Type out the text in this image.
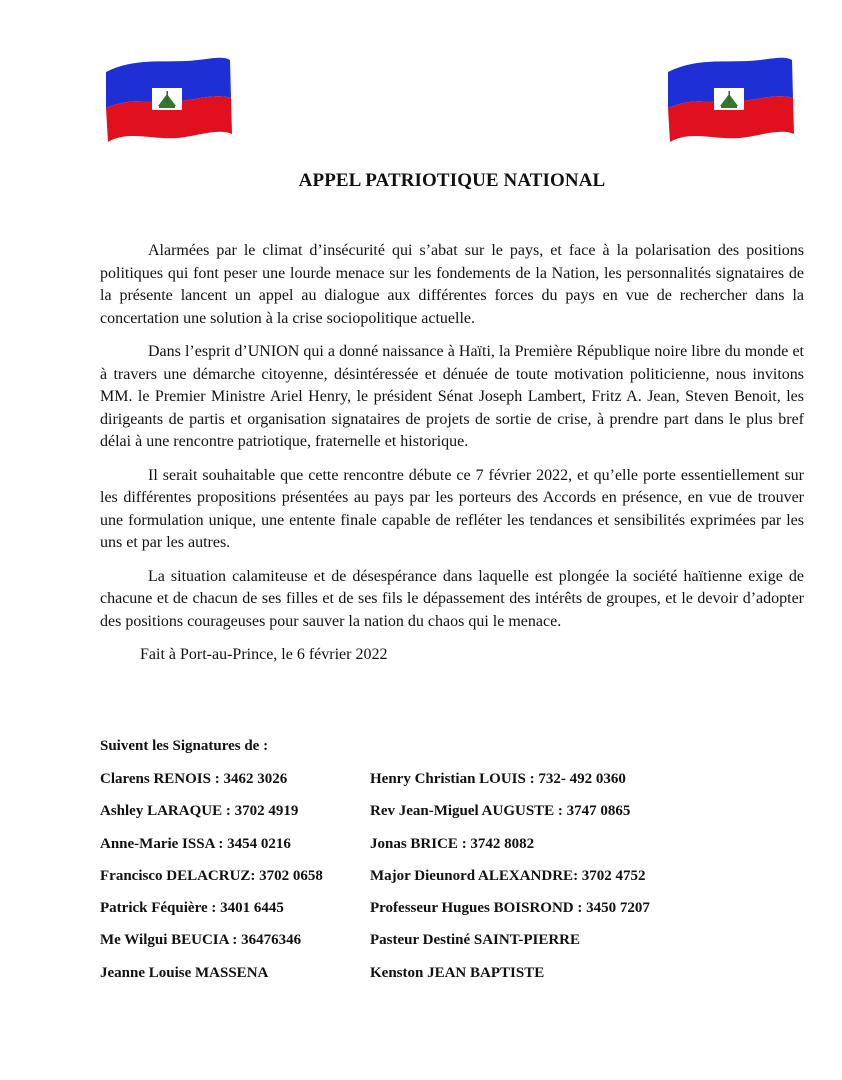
APPEL PATRIOTIQUE NATIONAL

Alarmées par le climat d’insécurité qui s’abat sur le pays, et face à la polarisation des positions politiques qui font peser une lourde menace sur les fondements de la Nation, les personnalités signataires de la présente lancent un appel au dialogue aux différentes forces du pays en vue de rechercher dans la concertation une solution à la crise sociopolitique actuelle.

Dans l’esprit d’UNION qui a donné naissance à Haïti, la Première République noire libre du monde et à travers une démarche citoyenne, désintéressée et dénuée de toute motivation politicienne, nous invitons MM. le Premier Ministre Ariel Henry, le président Sénat Joseph Lambert, Fritz A. Jean, Steven Benoit, les dirigeants de partis et organisation signataires de projets de sortie de crise, à prendre part dans le plus bref délai à une rencontre patriotique, fraternelle et historique.

Il serait souhaitable que cette rencontre débute ce 7 février 2022, et qu’elle porte essentiellement sur les différentes propositions présentées au pays par les porteurs des Accords en présence, en vue de trouver une formulation unique, une entente finale capable de refléter les tendances et sensibilités exprimées par les uns et par les autres.

La situation calamiteuse et de désespérance dans laquelle est plongée la société haïtienne exige de chacune et de chacun de ses filles et de ses fils le dépassement des intérêts de groupes, et le devoir d’adopter des positions courageuses pour sauver la nation du chaos qui le menace.

Fait à Port-au-Prince, le 6 février 2022

Suivent les Signatures de :
Clarens RENOIS : 3462 3026	Henry Christian LOUIS : 732- 492 0360
Ashley LARAQUE : 3702 4919	Rev Jean-Miguel AUGUSTE : 3747 0865
Anne-Marie ISSA : 3454 0216	Jonas BRICE : 3742 8082
Francisco DELACRUZ: 3702 0658	Major Dieunord ALEXANDRE: 3702 4752
Patrick Féquière : 3401 6445	Professeur Hugues BOISROND : 3450 7207
Me Wilgui BEUCIA : 36476346	Pasteur Destiné SAINT-PIERRE
Jeanne Louise MASSENA	Kenston JEAN BAPTISTE
